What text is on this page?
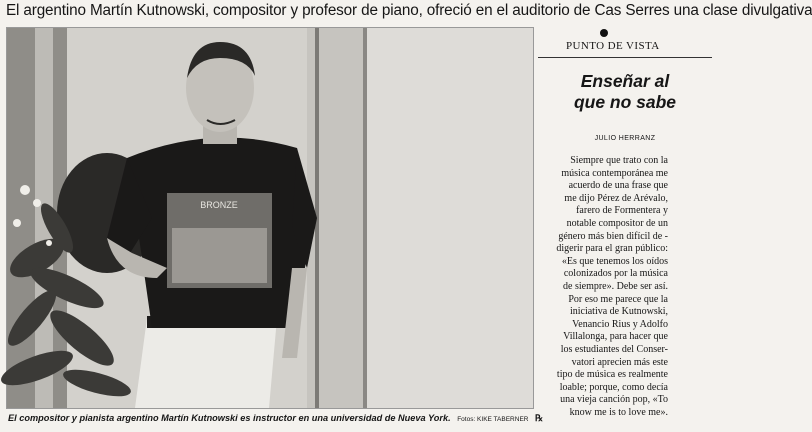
El argentino Martín Kutnowski, compositor y profesor de piano, ofreció en el auditorio de Cas Serres una clase divulgativa
BRONZE
El compositor y pianista argentino Martín Kutnowski es instructor en una universidad de Nueva York. Fotos: KIKE TABERNER ℞
PUNTO DE VISTA
Enseñar al
que no sabe
JULIO HERRANZ
Siempre que trato con la
música contemporánea me
acuerdo de una frase que
me dijo Pérez de Arévalo,
farero de Formentera y
notable compositor de un
género más bien difícil de -
digerir para el gran público:
«Es que tenemos los oídos
colonizados por la música
de siempre». Debe ser así.
Por eso me parece que la
iniciativa de Kutnowski,
Venancio Rius y Adolfo
Villalonga, para hacer que
los estudiantes del Conser-
vatori aprecien más este
tipo de música es realmente
loable; porque, como decía
una vieja canción pop, «To
know me is to love me».
